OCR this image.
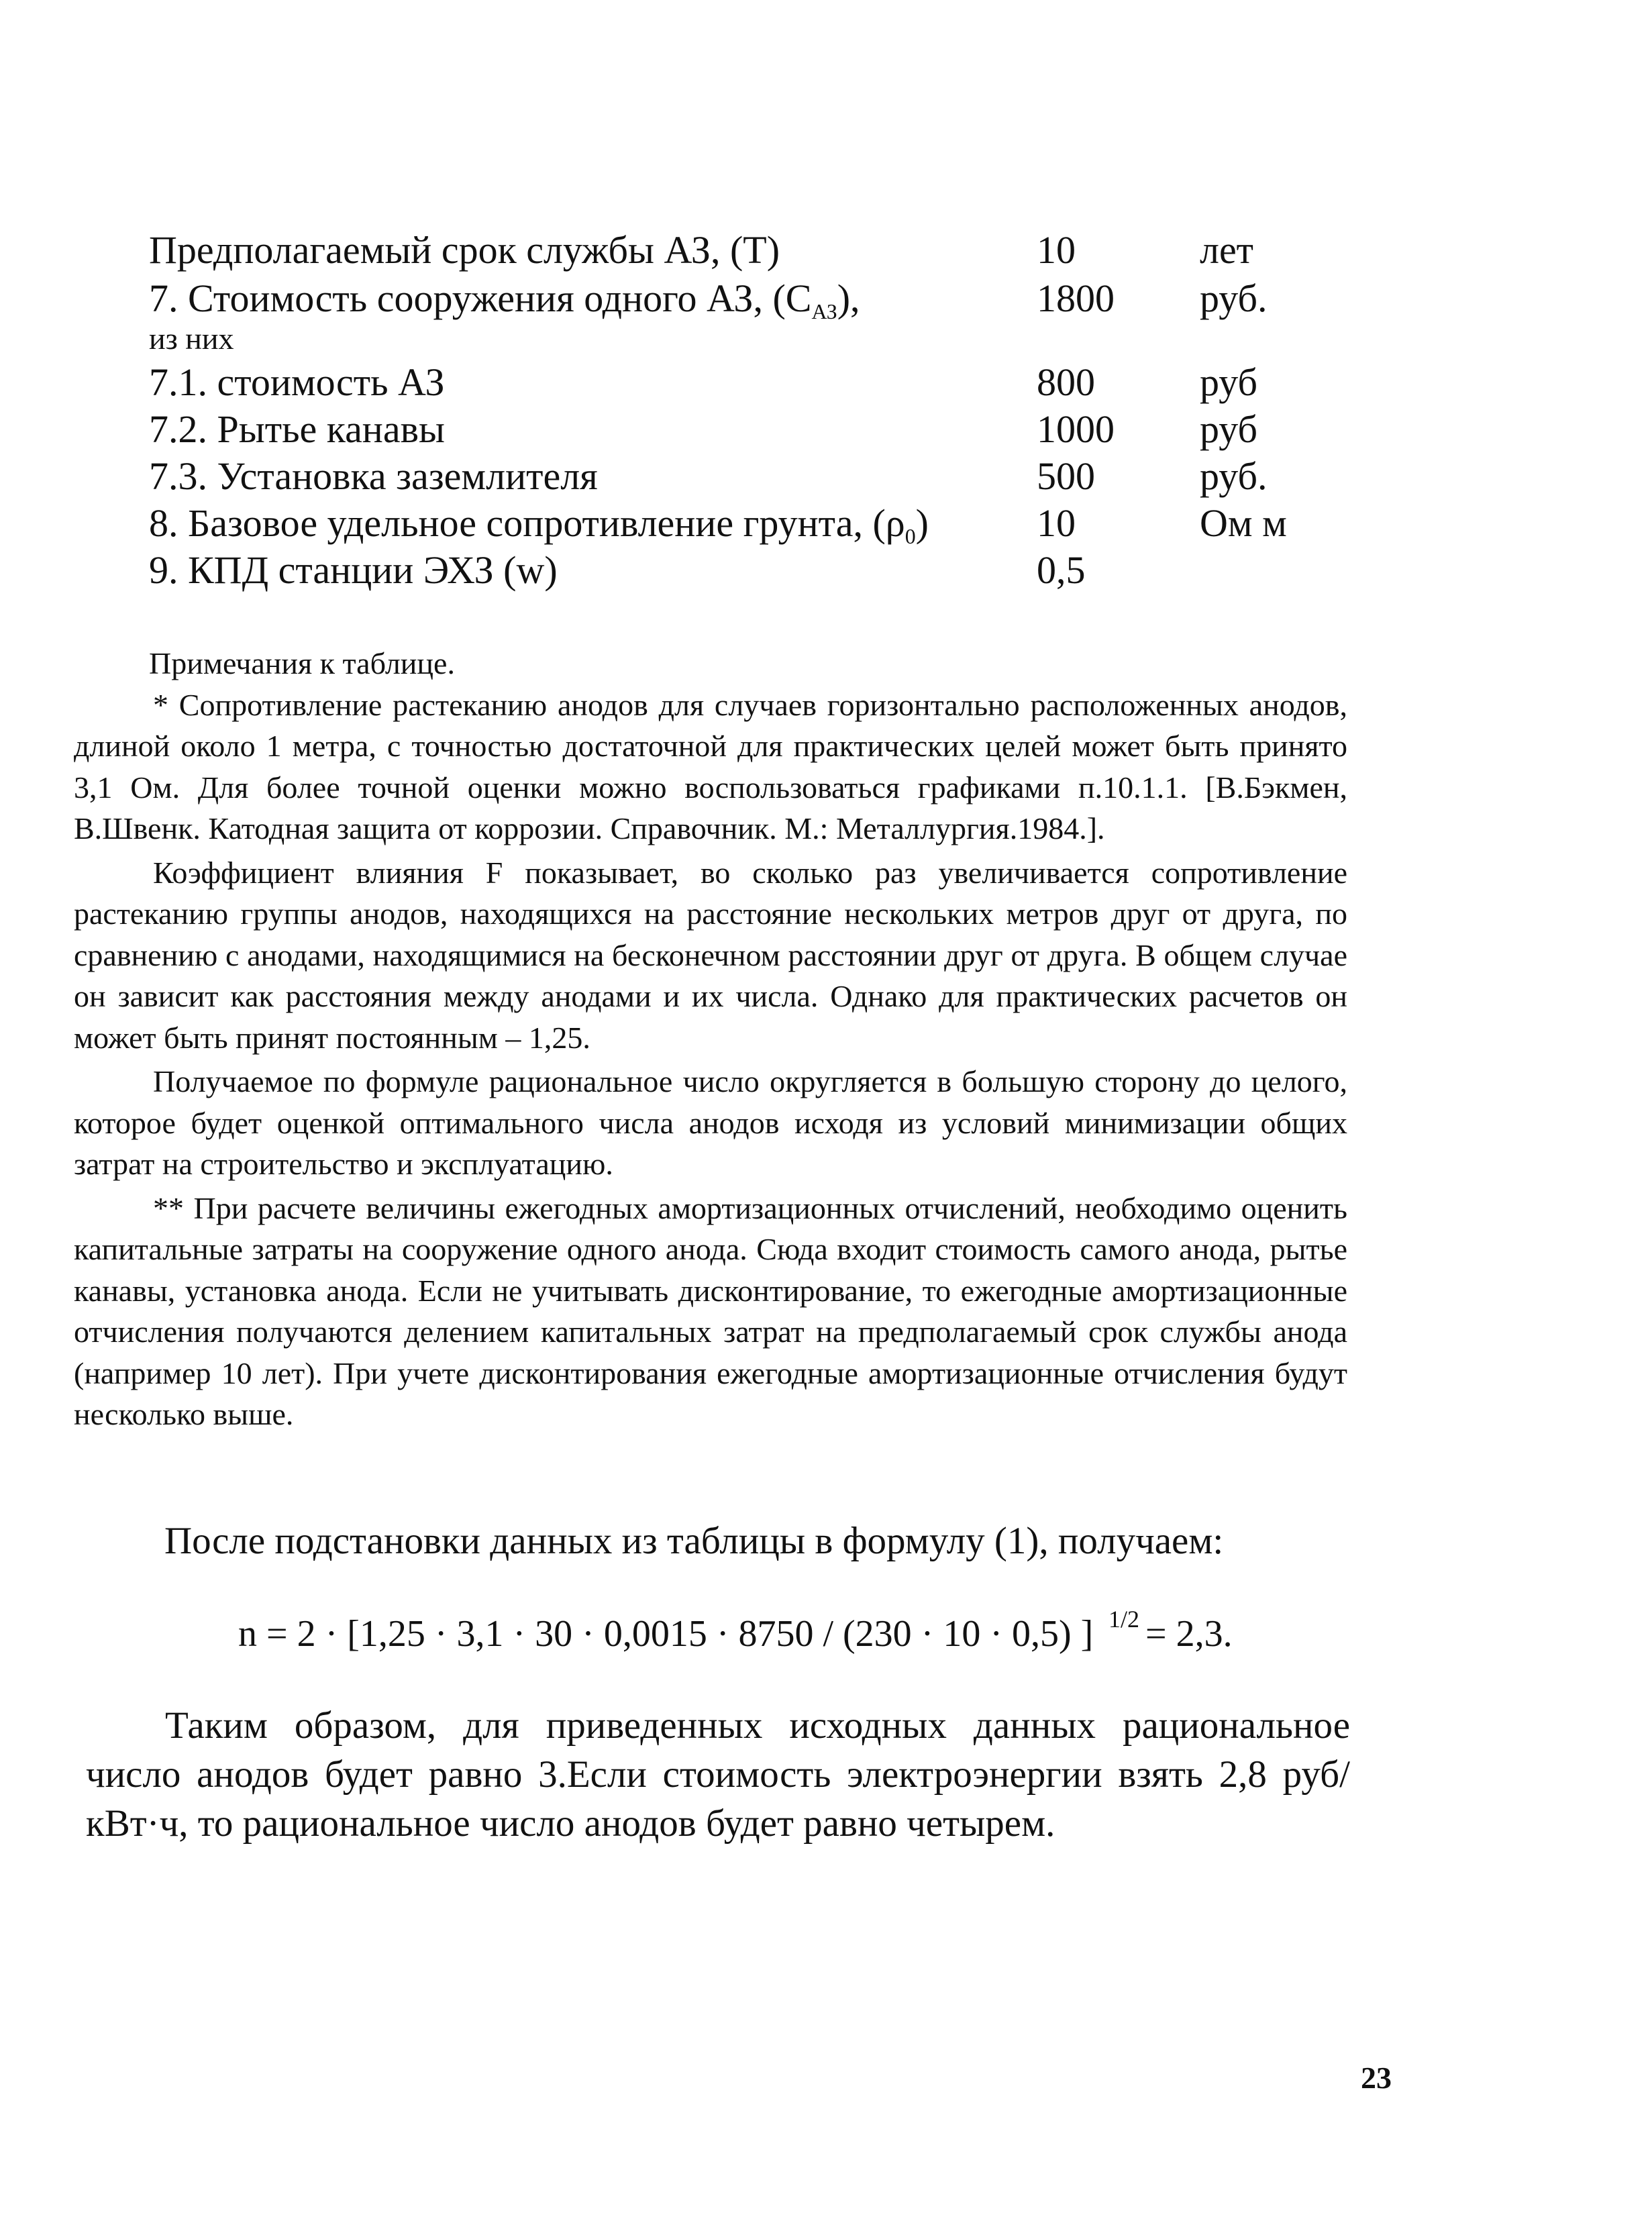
Предполагаемый срок службы АЗ, (Т)	10	лет
7. Стоимость сооружения одного АЗ, $(С_{АЗ})$,	1800 руб.
из них
7.1. стоимость АЗ	800	руб
7.2. Рытье канавы	1000 руб
7.3. Установка заземлителя	500	руб.
8. Базовое удельное сопротивление грунта, $(\rho_0)$	10	Ом м
9. КПД станции ЭХЗ (w)	0,5
Примечания к таблице.

* Сопротивление растеканию анодов для случаев горизонтально расположенных анодов, длиной около 1 метра, с точностью достаточной для практических целей может быть принято 3,1 Ом. Для более точной оценки можно воспользоваться графиками п.10.1.1. [В.Бэкмен, В.Швенк. Катодная защита от коррозии. Справочник. М.: Металлургия.1984.].

Коэффициент влияния F показывает, во сколько раз увеличивается сопротивление растеканию группы анодов, находящихся на расстояние нескольких метров друг от друга, по сравнению с анодами, находящимися на бесконечном расстоянии друг от друга. В общем случае он зависит как расстояния между анодами и их числа. Однако для практических расчетов он может быть принят постоянным – 1,25.

Получаемое по формуле рациональное число округляется в большую сторону до целого, которое будет оценкой оптимального числа анодов исходя из условий минимизации общих затрат на строительство и эксплуатацию.

** При расчете величины ежегодных амортизационных отчислений, необходимо оценить капитальные затраты на сооружение одного анода. Сюда входит стоимость самого анода, рытье канавы, установка анода. Если не учитывать дисконтирование, то ежегодные амортизационные отчисления получаются делением капитальных затрат на предполагаемый срок службы анода (например 10 лет). При учете дисконтирования ежегодные амортизационные отчисления будут несколько выше.

После подстановки данных из таблицы в формулу (1), получаем:
n = 2 · [1,25 · 3,1 · 30 · 0,0015 · 8750 / (230 · 10 · 0,5) ] 1/2 = 2,3.

Таким образом, для приведенных исходных данных рациональное число анодов будет равно 3.Если стоимость электроэнергии взять 2,8 руб/кВт·ч, то рациональное число анодов будет равно четырем.

23
